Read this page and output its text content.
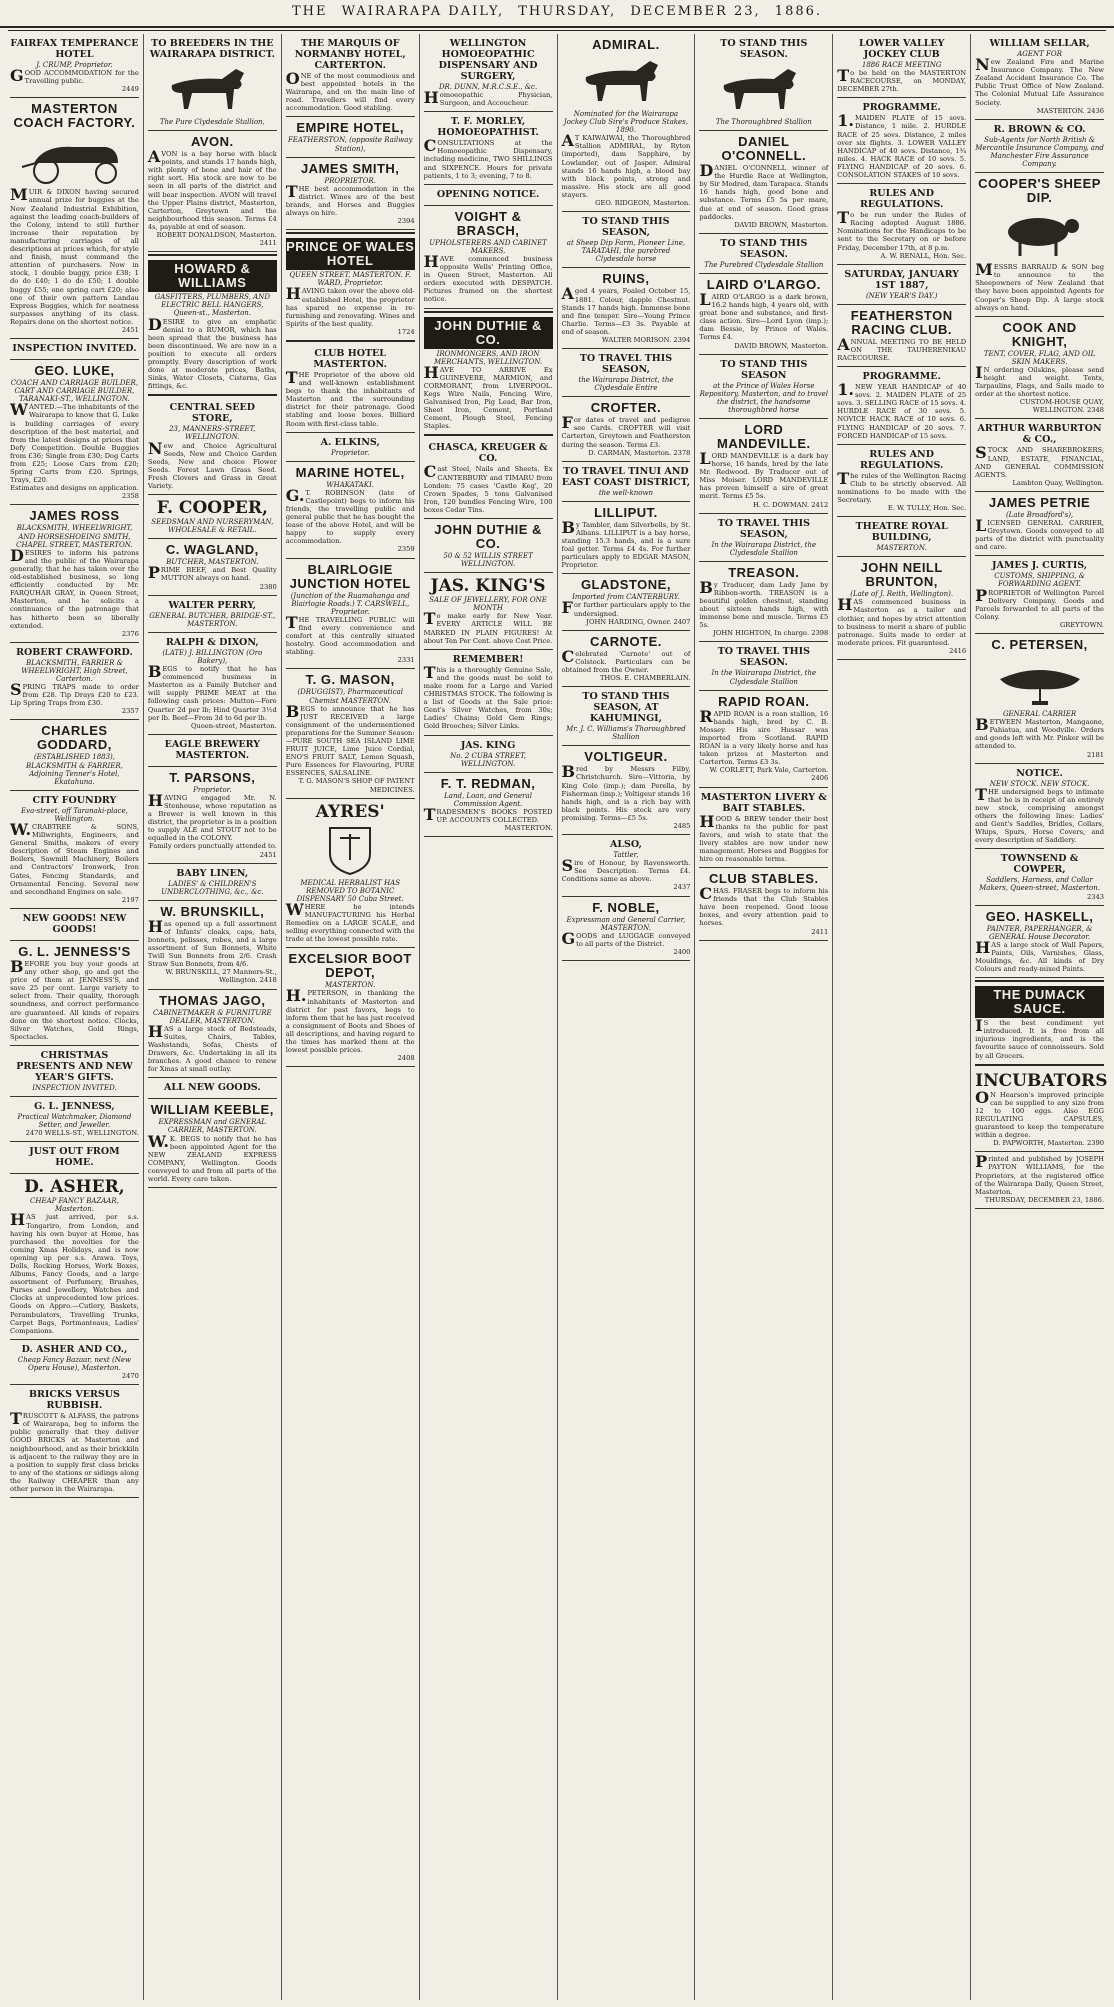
THE WAIRARAPA DAILY, THURSDAY, DECEMBER 23, 1886.
FAIRFAX TEMPERANCE HOTEL
J. CRUMP, Proprietor.
GOOD ACCOMMODATION for the Travelling public.
2449
MASTERTON COACH FACTORY.
MUIR & DIXON having secured annual prize for buggies at the New Zealand Industrial Exhibition, against the leading coach-builders of the Colony, intend to still further increase their reputation by manufacturing carriages of all descriptions at prices which, for style and finish, must command the attention of purchasers. Now in stock, 1 double buggy, price £38; 1 do do £40; 1 do do £50; 1 double buggy £55; one spring cart £20; also one of their own pattern Landau Express Buggies, which for neatness surpasses anything of its class. Repairs done on the shortest notice.
2451
INSPECTION INVITED.
GEO. LUKE,
COACH AND CARRIAGE BUILDER, CART AND CARRIAGE BUILDER, TARANAKI-ST., WELLINGTON.
WANTED.—The inhabitants of the Wairarapa to know that G. Luke is building carriages of every description of the best material, and from the latest designs at prices that Defy Competition. Double Buggies from £36; Single from £30; Dog Carts from £25; Loose Cars from £20; Spring Carts from £20. Springs, Trays, £20.
Estimates and designs on application. 2358
JAMES ROSS
BLACKSMITH, WHEELWRIGHT, AND HORSESHOEING SMITH, CHAPEL STREET, MASTERTON.
DESIRES to inform his patrons and the public of the Wairarapa generally, that he has taken over the old-established business, so long efficiently conducted by Mr. FARQUHAR GRAY, in Queen Street, Masterton, and he solicits a continuance of the patronage that has hitherto been so liberally extended.
2376
ROBERT CRAWFORD.
BLACKSMITH, FARRIER & WHEELWRIGHT, High Street, Carterton.
SPRING TRAPS made to order from £28. Tip Drays £20 to £23. Lip Spring Traps from £30.
2357
CHARLES GODDARD,
(ESTABLISHED 1883), BLACKSMITH & FARRIER, Adjoining Tenner's Hotel, Ekatahuna.
CITY FOUNDRY
Eva-street, off Taranaki-place, Wellington.
W.CRABTREE & SONS, Millwrights, Engineers, and General Smiths, makers of every description of Steam Engines and Boilers, Sawmill Machinery, Boilers and Contractors' Ironwork, Iron Gates, Fencing Standards, and Ornamental Fencing. Several new and secondhand Engines on sale.
2197
NEW GOODS! NEW GOODS!
G. L. JENNESS'S
BEFORE you buy your goods at any other shop, go and get the price of them at JENNESS'S, and save 25 per cent. Large variety to select from. Their quality, thorough soundness, and correct performance are guaranteed. All kinds of repairs done on the shortest notice. Clocks, Silver Watches, Gold Rings, Spectacles.
CHRISTMAS PRESENTS AND NEW YEAR'S GIFTS.
INSPECTION INVITED.
G. L. JENNESS,
Practical Watchmaker, Diamond Setter, and Jeweller.
2470 WELLS-ST., WELLINGTON.
JUST OUT FROM HOME.
D. ASHER,
CHEAP FANCY BAZAAR, Masterton.
HAS just arrived, per s.s. Tongariro, from London, and having his own buyer at Home, has purchased the novelties for the coming Xmas Holidays, and is now opening up per s.s. Arawa. Toys, Dolls, Rocking Horses, Work Boxes, Albums, Fancy Goods, and a large assortment of Perfumery, Brushes, Purses and Jewellery, Watches and Clocks at unprecedented low prices. Goods on Appro.—Cutlery, Baskets, Perambulators, Travelling Trunks, Carpet Bags, Portmanteaus, Ladies' Companions.
D. ASHER AND CO.,
Cheap Fancy Bazaar, next (New Opera House), Masterton.
2470
BRICKS VERSUS RUBBISH.
TRUSCOTT & ALFASS, the patrons of Wairarapa, beg to inform the public generally that they deliver GOOD BRICKS at Masterton and neighbourhood, and as their brickkiln is adjacent to the railway they are in a position to supply first class bricks to any of the stations or sidings along the Railway CHEAPER than any other person in the Wairarapa.
TO BREEDERS IN THE WAIRARAPA DISTRICT.
The Pure Clydesdale Stallion,
AVON.
AVON is a bay horse with black points, and stands 17 hands high, with plenty of bone and hair of the right sort. His stock are now to be seen in all parts of the district and will bear inspection. AVON will travel the Upper Plains district, Masterton, Carterton, Greytown and the neighbourhood this season. Terms £4 4s, payable at end of season.
ROBERT DONALDSON, Masterton. 2411
HOWARD & WILLIAMS
GASFITTERS, PLUMBERS, AND ELECTRIC BELL HANGERS, Queen-st., Masterton.
DESIRE to give an emphatic denial to a RUMOR, which has been spread that the business has been discontinued. We are now in a position to execute all orders promptly. Every description of work done at moderate prices, Baths, Sinks, Water Closets, Cisterns, Gas fittings, &c.
CENTRAL SEED STORE,
23, MANNERS-STREET, WELLINGTON.
New and Choice Agricultural Seeds, New and Choice Garden Seeds, New and choice Flower Seeds. Forest Lawn Grass Seed. Fresh Clovers and Grass in Great Variety.
F. COOPER,
SEEDSMAN AND NURSERYMAN, WHOLESALE & RETAIL.
C. WAGLAND,
BUTCHER, MASTERTON.
PRIME BEEF, and Best Quality MUTTON always on hand.
2380
WALTER PERRY,
GENERAL BUTCHER, BRIDGE-ST., MASTERTON.
RALPH & DIXON,
(LATE) J. BILLINGTON (Oro Bakery),
BEGS to notify that he has commenced business in Masterton as a Family Butcher and will supply PRIME MEAT at the following cash prices: Mutton—Fore Quarter 2d per lb; Hind Quarter 3½d per lb. Beef—From 3d to 6d per lb.
Queen-street, Masterton.
EAGLE BREWERY MASTERTON.
T. PARSONS,
Proprietor.
HAVING engaged Mr. N. Stenhouse, whose reputation as a Brewer is well known in this district, the proprietor is in a position to supply ALE and STOUT not to be equalled in the COLONY.
Family orders punctually attended to. 2451
BABY LINEN,
LADIES' & CHILDREN'S UNDERCLOTHING, &c., &c.
W. BRUNSKILL,
Has opened up a full assortment of Infants' cloaks, caps, hats, bonnets, pelisses, robes, and a large assortment of Sun Bonnets, White Twill Sun Bonnets from 2/6. Crash Straw Sun Bonnets, from 4/6.
W. BRUNSKILL, 27 Manners-St., Wellington. 2418
THOMAS JAGO,
CABINETMAKER & FURNITURE DEALER, MASTERTON.
HAS a large stock of Bedsteads, Suites, Chairs, Tables, Washstands, Sofas, Chests of Drawers, &c. Undertaking in all its branches. A good chance to renew for Xmas at small outlay.
ALL NEW GOODS.
WILLIAM KEEBLE,
EXPRESSMAN and GENERAL CARRIER, MASTERTON.
W.K. BEGS to notify that he has been appointed Agent for the NEW ZEALAND EXPRESS COMPANY, Wellington. Goods conveyed to and from all parts of the world. Every care taken.
THE MARQUIS OF NORMANBY HOTEL, CARTERTON.
ONE of the most commodious and best appointed hotels in the Wairarapa, and on the main line of road. Travellers will find every accommodation. Good stabling.
EMPIRE HOTEL,
FEATHERSTON, (opposite Railway Station),
JAMES SMITH,
PROPRIETOR.
THE best accommodation in the district. Wines are of the best brands, and Horses and Buggies always on hire.
2394
PRINCE OF WALES HOTEL
QUEEN STREET, MASTERTON. F. WARD, Proprietor.
HAVING taken over the above old-established Hotel, the proprietor has spared no expense in re-furnishing and renovating. Wines and Spirits of the best quality.
1724
CLUB HOTEL MASTERTON.
THE Proprietor of the above old and well-known establishment begs to thank the inhabitants of Masterton and the surrounding district for their patronage. Good stabling and loose boxes. Billiard Room with first-class table.
A. ELKINS,
Proprietor.
MARINE HOTEL,
WHAKATAKI.
G.T. ROBINSON (late of Castlepoint) begs to inform his friends, the travelling public and general public that he has bought the lease of the above Hotel, and will be happy to supply every accommodation.
2359
BLAIRLOGIE JUNCTION HOTEL
(Junction of the Ruamahanga and Blairlogie Roads.) T. CARSWELL, Proprietor.
THE TRAVELLING PUBLIC will find every convenience and comfort at this centrally situated hostelry. Good accommodation and stabling.
2331
T. G. MASON,
(DRUGGIST), Pharmaceutical Chemist MASTERTON.
BEGS to announce that he has JUST RECEIVED a large consignment of the undermentioned preparations for the Summer Season:—PURE SOUTH SEA ISLAND LIME FRUIT JUICE, Lime Juice Cordial, ENO'S FRUIT SALT, Lemon Squash, Pure Essences for Flavouring, PURE ESSENCES, SALSALINE.
T. G. MASON'S SHOP OF PATENT MEDICINES.
AYRES'
MEDICAL HERBALIST HAS REMOVED TO BOTANIC DISPENSARY 50 Cuba Street.
WHERE he intends MANUFACTURING his Herbal Remedies on a LARGE SCALE, and selling everything connected with the trade at the lowest possible rate.
EXCELSIOR BOOT DEPOT,
MASTERTON.
H.PETERSON, in thanking the inhabitants of Masterton and district for past favors, begs to inform them that he has just received a consignment of Boots and Shoes of all descriptions, and having regard to the times has marked them at the lowest possible prices.
2408
WELLINGTON HOMOEOPATHIC DISPENSARY AND SURGERY,
DR. DUNN, M.R.C.S.E., &c.
Homoeopathic Physician, Surgeon, and Accoucheur.
T. F. MORLEY, HOMOEOPATHIST.
CONSULTATIONS at the Homoeopathic Dispensary, including medicine, TWO SHILLINGS and SIXPENCE. Hours for private patients, 1 to 3; evening, 7 to 8.
OPENING NOTICE.
VOIGHT & BRASCH,
UPHOLSTERERS AND CABINET MAKERS.
HAVE commenced business opposite Wells' Printing Office, in Queen Street, Masterton. All orders executed with DESPATCH. Pictures framed on the shortest notice.
JOHN DUTHIE & CO.
IRONMONGERS, AND IRON MERCHANTS, WELLINGTON.
HAVE TO ARRIVE Ex GUINEVERE, MARMION, and CORMORANT, from LIVERPOOL. Kegs Wire Nails, Fencing Wire, Galvanised Iron, Pig Lead, Bar Iron, Sheet Iron, Cement, Portland Cement, Plough Steel, Fencing Staples.
CHASCA, KREUGER & CO.
Cast Steel, Nails and Sheets. Ex CANTERBURY and TIMARU from London: 75 cases 'Castle Keg', 20 Crown Spades, 5 tons Galvanised Iron, 120 bundles Fencing Wire, 100 boxes Cedar Tins.
JOHN DUTHIE & CO.
50 & 52 WILLIS STREET WELLINGTON.
JAS. KING'S
SALE OF JEWELLERY, FOR ONE MONTH
To make early for New Year. EVERY ARTICLE WILL BE MARKED IN PLAIN FIGURES! At about Ten Per Cent. above Cost Price.
REMEMBER!
This is a thoroughly Genuine Sale, and the goods must be sold to make room for a Large and Varied CHRISTMAS STOCK. The following is a list of Goods at the Sale price: Gent's Silver Watches, from 30s; Ladies' Chains; Gold Gem Rings; Gold Brooches; Silver Links.
JAS. KING
No. 2 CUBA STREET, WELLINGTON.
F. T. REDMAN,
Land, Loan, and General Commission Agent.
TRADESMEN'S BOOKS POSTED UP. ACCOUNTS COLLECTED.
MASTERTON.
ADMIRAL.
Nominated for the Wairarapa Jockey Club Sire's Produce Stakes, 1890.
AT KAIWAIWAI, the Thoroughbred Stallion ADMIRAL, by Ryton (imported), dam Sapphire, by Lowlander, out of Jasper. Admiral stands 16 hands high, a blood bay with black points, strong and massive. His stock are all good stayers.
GEO. RIDGEON, Masterton.
TO STAND THIS SEASON,
at Sheep Dip Farm, Pioneer Line, TARATAHI, the purebred Clydesdale horse
RUINS,
Aged 4 years, Foaled October 15, 1881. Colour, dapple Chestnut. Stands 17 hands high. Immense bone and fine temper. Sire—Young Prince Charlie. Terms—£3 3s. Payable at end of season.
WALTER MORISON. 2394
TO TRAVEL THIS SEASON,
the Wairarapa District, the Clydesdale Entire
CROFTER.
For dates of travel and pedigree see Cards. CROFTER will visit Carterton, Greytown and Featherston during the season. Terms £3.
D. CARMAN, Masterton. 2378
TO TRAVEL TINUI AND EAST COAST DISTRICT,
the well-known
LILLIPUT.
By Tambler, dam Silverbells, by St. Albans. LILLIPUT is a bay horse, standing 15.3 hands, and is a sure foal getter. Terms £4 4s. For further particulars apply to EDGAR MASON, Proprietor.
GLADSTONE,
Imported from CANTERBURY.
For further particulars apply to the undersigned.
JOHN HARDING, Owner. 2407
CARNOTE.
Celebrated 'Carnote' out of Colstock. Particulars can be obtained from the Owner.
THOS. E. CHAMBERLAIN.
TO STAND THIS SEASON, AT KAHUMINGI,
Mr. J. C. Williams's Thoroughbred Stallion
VOLTIGEUR.
Bred by Messrs Filby, Christchurch. Sire—Vittoria, by King Cole (imp.); dam Perella, by Fisherman (imp.); Voltigeur stands 16 hands high, and is a rich bay with black points. His stock are very promising. Terms—£5 5s.
2485
ALSO,
Tattler,
Sire of Honour, by Ravensworth. See Description. Terms £4. Conditions same as above.
2437
F. NOBLE,
Expressman and General Carrier, MASTERTON.
GOODS and LUGGAGE conveyed to all parts of the District.
2400
TO STAND THIS SEASON.
The Thoroughbred Stallion
DANIEL O'CONNELL.
DANIEL O'CONNELL winner of the Hurdle Race at Wellington, by Sir Modred, dam Tarapaca. Stands 16 hands high, good bone and substance. Terms £5 5s per mare, due at end of season. Good grass paddocks.
DAVID BROWN, Masterton.
TO STAND THIS SEASON.
The Purebred Clydesdale Stallion
LAIRD O'LARGO.
LAIRD O'LARGO is a dark brown, 16.2 hands high, 4 years old, with great bone and substance, and first-class action. Sire—Lord Lyon (imp.); dam Bessie, by Prince of Wales. Terms £4.
DAVID BROWN, Masterton.
TO STAND THIS SEASON
at the Prince of Wales Horse Repository, Masterton, and to travel the district, the handsome thoroughbred horse
LORD MANDEVILLE.
LORD MANDEVILLE is a dark bay horse, 16 hands, bred by the late Mr. Redwood. By Traducer out of Miss Moiser. LORD MANDEVILLE has proven himself a sire of great merit. Terms £5 5s.
H. C. DOWMAN. 2412
TO TRAVEL THIS SEASON,
In the Wairarapa District, the Clydesdale Stallion
TREASON.
By Traducer, dam Lady Jane by Ribbon-worth. TREASON is a beautiful golden chestnut, standing about sixteen hands high, with immense bone and muscle. Terms £5 5s.
JOHN HIGHTON, In charge. 2398
TO TRAVEL THIS SEASON.
In the Wairarapa District, the Clydesdale Stallion
RAPID ROAN.
RAPID ROAN is a roan stallion, 16 hands high, bred by C. B. Mossey. His sire Hussar was imported from Scotland. RAPID ROAN is a very likely horse and has taken prizes at Masterton and Carterton. Terms £3 3s.
W. CORLETT, Park Vale, Carterton. 2406
MASTERTON LIVERY & BAIT STABLES.
HOOD & BREW tender their best thanks to the public for past favors, and wish to state that the livery stables are now under new management. Horses and Buggies for hire on reasonable terms.
CLUB STABLES.
CHAS. FRASER begs to inform his friends that the Club Stables have been reopened. Good loose boxes, and every attention paid to horses.
2411
LOWER VALLEY JOCKEY CLUB
1886 RACE MEETING
To be held on the MASTERTON RACECOURSE, on MONDAY, DECEMBER 27th.
PROGRAMME.
1.MAIDEN PLATE of 15 sovs. Distance, 1 mile. 2. HURDLE RACE of 25 sovs. Distance, 2 miles over six flights. 3. LOWER VALLEY HANDICAP of 40 sovs. Distance, 1¾ miles. 4. HACK RACE of 10 sovs. 5. FLYING HANDICAP of 20 sovs. 6. CONSOLATION STAKES of 10 sovs.
RULES AND REGULATIONS.
To be run under the Rules of Racing adopted August 1886. Nominations for the Handicaps to be sent to the Secretary on or before Friday, December 17th, at 8 p.m.
A. W. RENALL, Hon. Sec.
SATURDAY, JANUARY 1ST 1887,
(NEW YEAR'S DAY.)
FEATHERSTON RACING CLUB.
ANNUAL MEETING TO BE HELD ON THE TAUHERENIKAU RACECOURSE.
PROGRAMME.
1.NEW YEAR HANDICAP of 40 sovs. 2. MAIDEN PLATE of 25 sovs. 3. SELLING RACE of 15 sovs. 4. HURDLE RACE of 30 sovs. 5. NOVICE HACK RACE of 10 sovs. 6. FLYING HANDICAP of 20 sovs. 7. FORCED HANDICAP of 15 sovs.
RULES AND REGULATIONS.
The rules of the Wellington Racing Club to be strictly observed. All nominations to be made with the Secretary.
E. W. TULLY, Hon. Sec.
THEATRE ROYAL BUILDING,
MASTERTON.
JOHN NEILL BRUNTON,
(Late of J. Reith, Wellington).
HAS commenced business in Masterton as a tailor and clothier, and hopes by strict attention to business to merit a share of public patronage. Suits made to order at moderate prices. Fit guaranteed.
2416
WILLIAM SELLAR,
AGENT FOR
New Zealand Fire and Marine Insurance Company. The New Zealand Accident Insurance Co. The Public Trust Office of New Zealand. The Colonial Mutual Life Assurance Society.
MASTERTON. 2436
R. BROWN & CO.
Sub-Agents for North British & Mercantile Insurance Company, and Manchester Fire Assurance Company.
COOPER'S SHEEP DIP.
MESSRS BARRAUD & SON beg to announce to the Sheepowners of New Zealand that they have been appointed Agents for Cooper's Sheep Dip. A large stock always on hand.
COOK AND KNIGHT,
TENT, COVER, FLAG, AND OIL SKIN MAKERS.
IN ordering Oilskins, please send height and weight. Tents, Tarpaulins, Flags, and Sails made to order at the shortest notice.
CUSTOM-HOUSE QUAY, WELLINGTON. 2348
ARTHUR WARBURTON & CO.,
STOCK AND SHAREBROKERS, LAND, ESTATE, FINANCIAL, AND GENERAL COMMISSION AGENTS.
Lambton Quay, Wellington.
JAMES PETRIE
(Late Broadford's),
LICENSED GENERAL CARRIER, Greytown. Goods conveyed to all parts of the district with punctuality and care.
JAMES J. CURTIS,
CUSTOMS, SHIPPING, & FORWARDING AGENT.
PROPRIETOR of Wellington Parcel Delivery Company. Goods and Parcels forwarded to all parts of the Colony.
GREYTOWN.
C. PETERSEN,
GENERAL CARRIER
BETWEEN Masterton, Mangaone, Pahiatua, and Woodville. Orders and goods left with Mr. Pinker will be attended to.
2181
NOTICE.
NEW STOCK. NEW STOCK.
THE undersigned begs to intimate that he is in receipt of an entirely new stock, comprising amongst others the following lines: Ladies' and Gent's Saddles, Bridles, Collars, Whips, Spurs, Horse Covers, and every description of Saddlery.
TOWNSEND & COWPER,
Saddlers, Harness, and Collar Makers, Queen-street, Masterton.
2343
GEO. HASKELL,
PAINTER, PAPERHANGER, & GENERAL House Decorator.
HAS a large stock of Wall Papers, Paints, Oils, Varnishes, Glass, Mouldings, &c. All kinds of Dry Colours and ready-mixed Paints.
THE DUMACK SAUCE.
IS the best condiment yet introduced. It is free from all injurious ingredients, and is the favourite sauce of connoisseurs. Sold by all Grocers.
INCUBATORS
ON Hearson's improved principle can be supplied to any size from 12 to 100 eggs. Also EGG REGULATING CAPSULES, guaranteed to keep the temperature within a degree.
D. PAPWORTH, Masterton. 2390
Printed and published by JOSEPH PAYTON WILLIAMS, for the Proprietors, at the registered office of the Wairarapa Daily, Queen Street, Masterton.
THURSDAY, DECEMBER 23, 1886.
